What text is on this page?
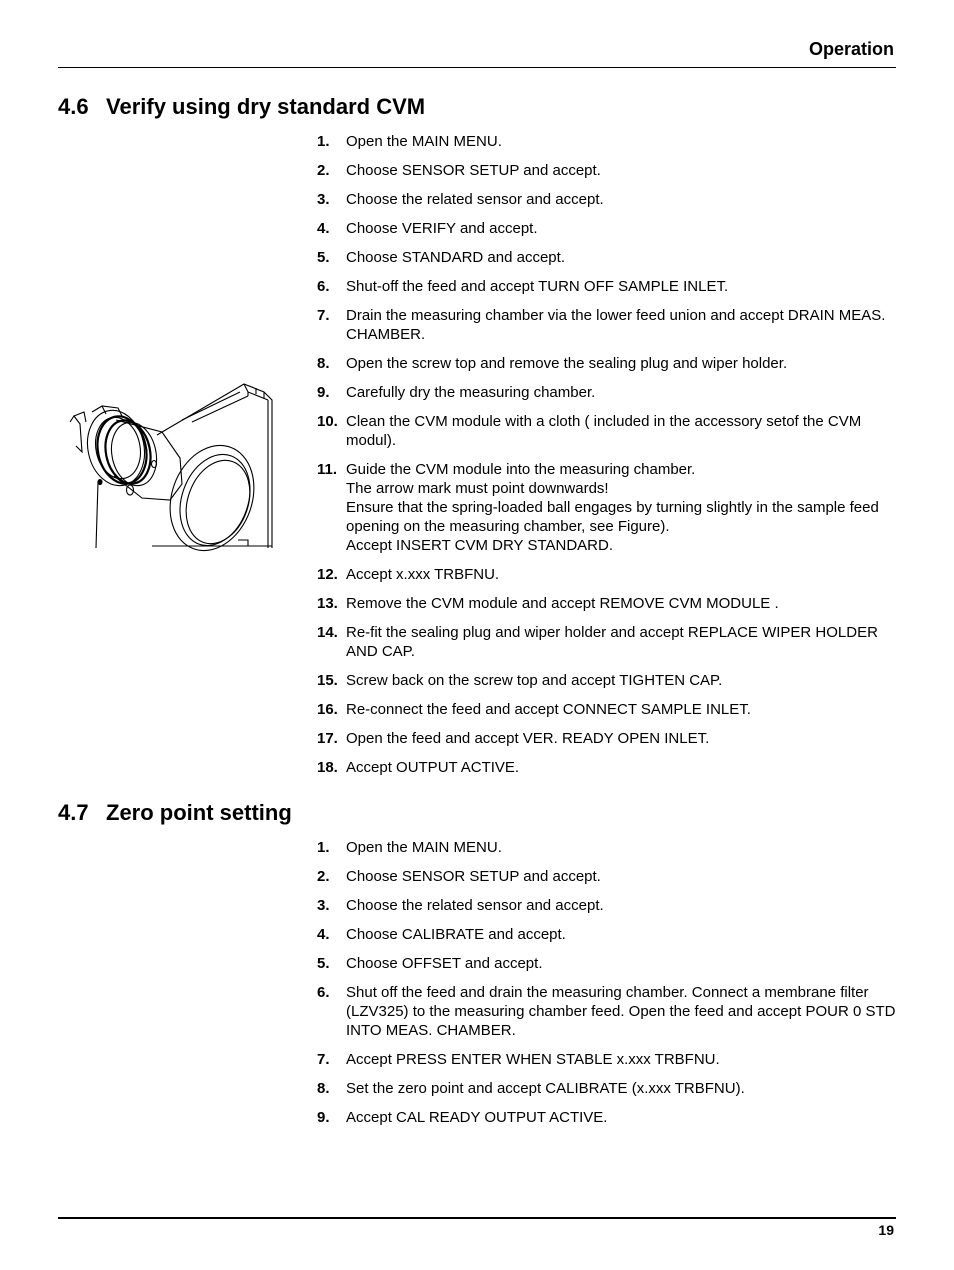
Operation
4.6 Verify using dry standard CVM
1. Open the MAIN MENU.
2. Choose SENSOR SETUP and accept.
3. Choose the related sensor and accept.
4. Choose VERIFY and accept.
5. Choose STANDARD and accept.
6. Shut-off the feed and accept TURN OFF SAMPLE INLET.
7. Drain the measuring chamber via the lower feed union and accept DRAIN MEAS. CHAMBER.
8. Open the screw top and remove the sealing plug and wiper holder.
9. Carefully dry the measuring chamber.
10. Clean the CVM module with a cloth ( included in the accessory setof the CVM modul).
11. Guide the CVM module into the measuring chamber.
The arrow mark must point downwards!
Ensure that the spring-loaded ball engages by turning slightly in the sample feed opening on the measuring chamber, see Figure).
Accept INSERT CVM DRY STANDARD.
12. Accept x.xxx TRBFNU.
13. Remove the CVM module and accept REMOVE CVM MODULE .
14. Re-fit the sealing plug and wiper holder and accept REPLACE WIPER HOLDER AND CAP.
15. Screw back on the screw top and accept TIGHTEN CAP.
16. Re-connect the feed and accept CONNECT SAMPLE INLET.
17. Open the feed and accept VER. READY OPEN INLET.
18. Accept OUTPUT ACTIVE.
4.7 Zero point setting
1. Open the MAIN MENU.
2. Choose SENSOR SETUP and accept.
3. Choose the related sensor and accept.
4. Choose CALIBRATE and accept.
5. Choose OFFSET and accept.
6. Shut off the feed and drain the measuring chamber. Connect a membrane filter (LZV325) to the measuring chamber feed. Open the feed and accept POUR 0 STD INTO MEAS. CHAMBER.
7. Accept PRESS ENTER WHEN STABLE x.xxx TRBFNU.
8. Set the zero point and accept CALIBRATE (x.xxx TRBFNU).
9. Accept CAL READY OUTPUT ACTIVE.
19
